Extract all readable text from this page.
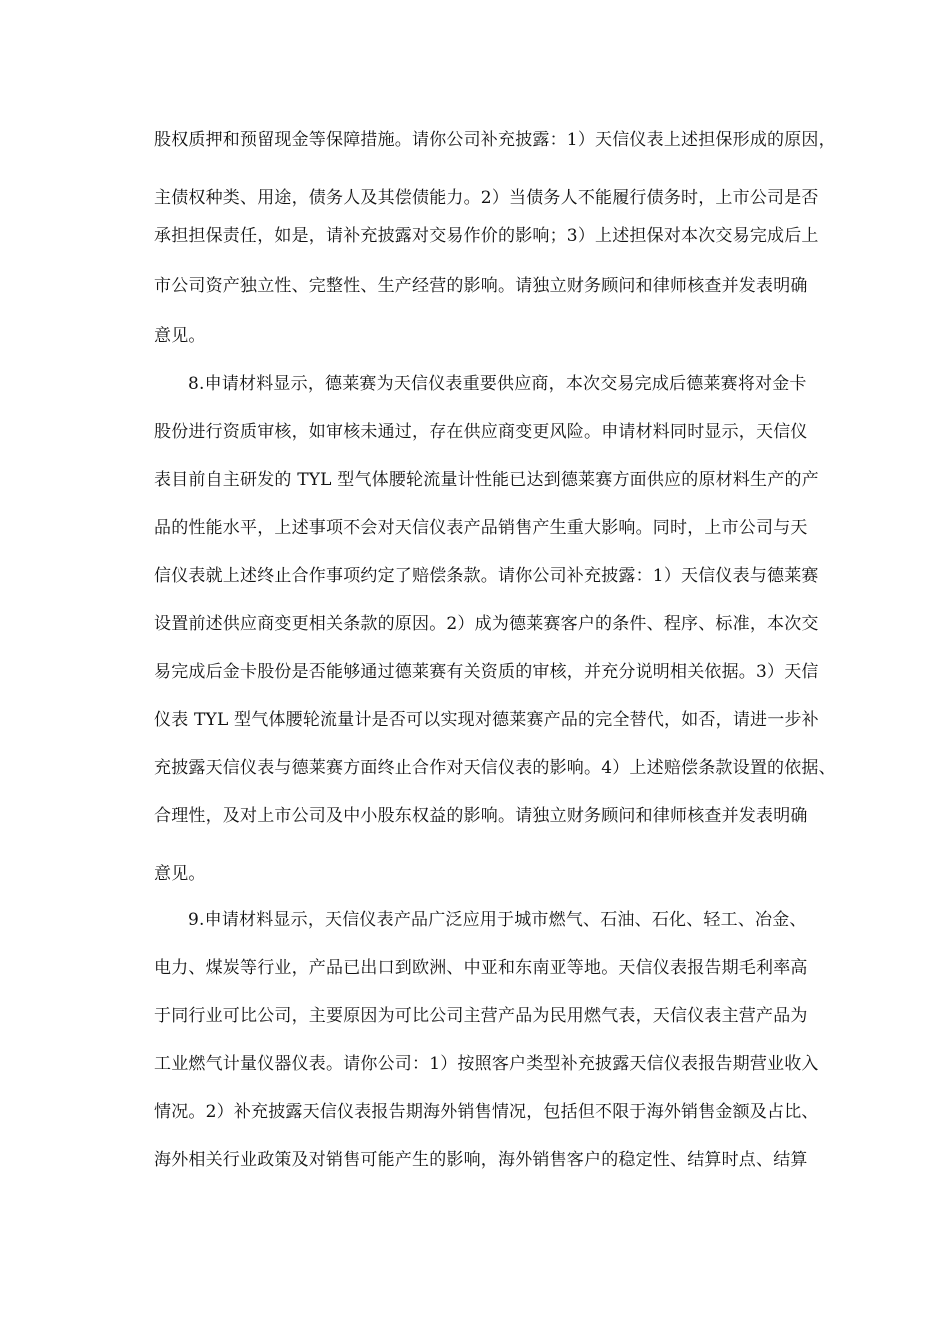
股权质押和预留现金等保障措施。请你公司补充披露：1）天信仪表上述担保形成的原因，
主债权种类、用途，债务人及其偿债能力。2）当债务人不能履行债务时，上市公司是否
承担担保责任，如是，请补充披露对交易作价的影响；3）上述担保对本次交易完成后上
市公司资产独立性、完整性、生产经营的影响。请独立财务顾问和律师核查并发表明确
意见。
8.申请材料显示，德莱赛为天信仪表重要供应商，本次交易完成后德莱赛将对金卡
股份进行资质审核，如审核未通过，存在供应商变更风险。申请材料同时显示，天信仪
表目前自主研发的 TYL 型气体腰轮流量计性能已达到德莱赛方面供应的原材料生产的产
品的性能水平，上述事项不会对天信仪表产品销售产生重大影响。同时，上市公司与天
信仪表就上述终止合作事项约定了赔偿条款。请你公司补充披露：1）天信仪表与德莱赛
设置前述供应商变更相关条款的原因。2）成为德莱赛客户的条件、程序、标准，本次交
易完成后金卡股份是否能够通过德莱赛有关资质的审核，并充分说明相关依据。3）天信
仪表 TYL 型气体腰轮流量计是否可以实现对德莱赛产品的完全替代，如否，请进一步补
充披露天信仪表与德莱赛方面终止合作对天信仪表的影响。4）上述赔偿条款设置的依据、
合理性，及对上市公司及中小股东权益的影响。请独立财务顾问和律师核查并发表明确
意见。
9.申请材料显示，天信仪表产品广泛应用于城市燃气、石油、石化、轻工、冶金、
电力、煤炭等行业，产品已出口到欧洲、中亚和东南亚等地。天信仪表报告期毛利率高
于同行业可比公司，主要原因为可比公司主营产品为民用燃气表，天信仪表主营产品为
工业燃气计量仪器仪表。请你公司：1）按照客户类型补充披露天信仪表报告期营业收入
情况。2）补充披露天信仪表报告期海外销售情况，包括但不限于海外销售金额及占比、
海外相关行业政策及对销售可能产生的影响，海外销售客户的稳定性、结算时点、结算
